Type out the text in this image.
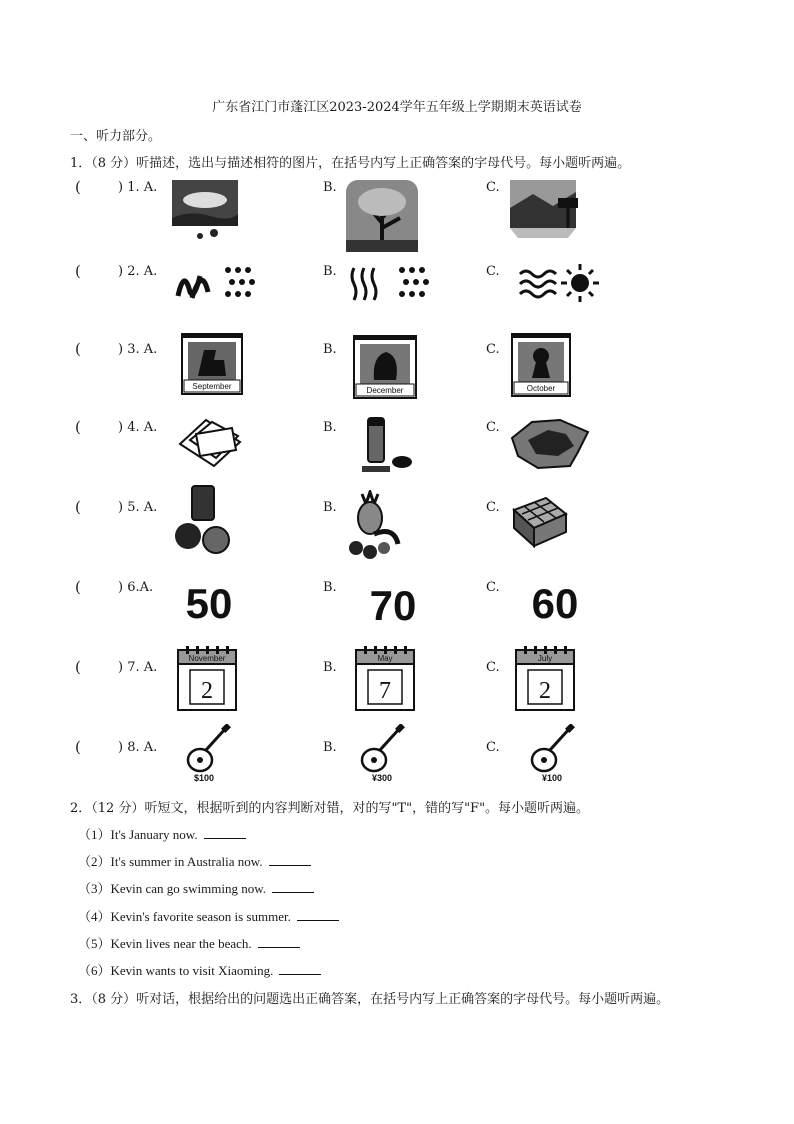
广东省江门市蓬江区2023-2024学年五年级上学期期末英语试卷
一、听力部分。
1．（8 分）听描述，选出与描述相符的图片，在括号内写上正确答案的字母代号。每小题听两遍。
(	) 1. A.	B.	C.
(	) 2. A.	B.	C.
(	) 3. A.
September
B.
December
C.
October
(	) 4. A.	B.	C.
(	) 5. A.	B.	C.
(	) 6.A. 50	B. 70	C. 60
(	) 7. A.
November
2
B.
May
7
C.
July
2
(	) 8. A.
$100
B.
¥300
C.
¥100
2．（12 分）听短文，根据听到的内容判断对错，对的写"T"，错的写"F"。每小题听两遍。
（1）It's January now.
（2）It's summer in Australia now.
（3）Kevin can go swimming now.
（4）Kevin's favorite season is summer.
（5）Kevin lives near the beach.
（6）Kevin wants to visit Xiaoming.
3．（8 分）听对话，根据给出的问题选出正确答案，在括号内写上正确答案的字母代号。每小题听两遍。
